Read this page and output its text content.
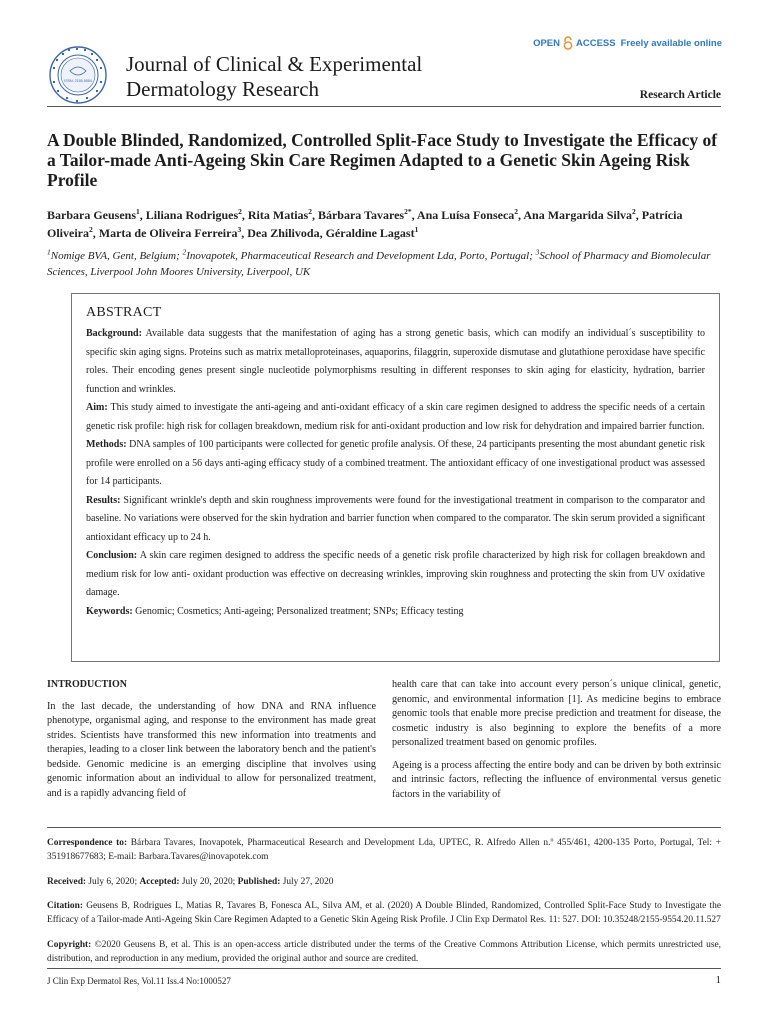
ISSN: 2155-9554
Journal of Clinical & Experimental
Dermatology Research
OPEN ACCESS Freely available online
Research Article
A Double Blinded, Randomized, Controlled Split-Face Study to Investigate the Efficacy of a Tailor-made Anti-Ageing Skin Care Regimen Adapted to a Genetic Skin Ageing Risk Profile
Barbara Geusens$^1$, Liliana Rodrigues$^2$, Rita Matias$^2$, Bárbara Tavares$^{2*}$, Ana Luísa Fonseca$^2$, Ana Margarida Silva$^2$, Patrícia Oliveira$^2$, Marta de Oliveira Ferreira$^3$, Dea Zhilivoda, Géraldine Lagast$^1$
$^1$Nomige BVA, Gent, Belgium; $^2$Inovapotek, Pharmaceutical Research and Development Lda, Porto, Portugal; $^3$School of Pharmacy and Biomolecular Sciences, Liverpool John Moores University, Liverpool, UK
ABSTRACT

Background: Available data suggests that the manifestation of aging has a strong genetic basis, which can modify an individual´s susceptibility to specific skin aging signs. Proteins such as matrix metalloproteinases, aquaporins, filaggrin, superoxide dismutase and glutathione peroxidase have specific roles. Their encoding genes present single nucleotide polymorphisms resulting in different responses to skin aging for elasticity, hydration, barrier function and wrinkles.

Aim: This study aimed to investigate the anti-ageing and anti-oxidant efficacy of a skin care regimen designed to address the specific needs of a certain genetic risk profile: high risk for collagen breakdown, medium risk for anti-oxidant production and low risk for dehydration and impaired barrier function.

Methods: DNA samples of 100 participants were collected for genetic profile analysis. Of these, 24 participants presenting the most abundant genetic risk profile were enrolled on a 56 days anti-aging efficacy study of a combined treatment. The antioxidant efficacy of one investigational product was assessed for 14 participants.

Results: Significant wrinkle's depth and skin roughness improvements were found for the investigational treatment in comparison to the comparator and baseline. No variations were observed for the skin hydration and barrier function when compared to the comparator. The skin serum provided a significant antioxidant efficacy up to 24 h.

Conclusion: A skin care regimen designed to address the specific needs of a genetic risk profile characterized by high risk for collagen breakdown and medium risk for low anti- oxidant production was effective on decreasing wrinkles, improving skin roughness and protecting the skin from UV oxidative damage.

Keywords: Genomic; Cosmetics; Anti-ageing; Personalized treatment; SNPs; Efficacy testing

INTRODUCTION

In the last decade, the understanding of how DNA and RNA influence phenotype, organismal aging, and response to the environment has made great strides. Scientists have transformed this new information into treatments and therapies, leading to a closer link between the laboratory bench and the patient's bedside. Genomic medicine is an emerging discipline that involves using genomic information about an individual to allow for personalized treatment, and is a rapidly advancing field of

health care that can take into account every person´s unique clinical, genetic, genomic, and environmental information [1]. As medicine begins to embrace genomic tools that enable more precise prediction and treatment for disease, the cosmetic industry is also beginning to explore the benefits of a more personalized treatment based on genomic profiles.

Ageing is a process affecting the entire body and can be driven by both extrinsic and intrinsic factors, reflecting the influence of environmental versus genetic factors in the variability of

Correspondence to: Bárbara Tavares, Inovapotek, Pharmaceutical Research and Development Lda, UPTEC, R. Alfredo Allen n.º 455/461, 4200-135 Porto, Portugal, Tel: + 351918677683; E-mail: Barbara.Tavares@inovapotek.com

Received: July 6, 2020; Accepted: July 20, 2020; Published: July 27, 2020

Citation: Geusens B, Rodrigues L, Matias R, Tavares B, Fonesca AL, Silva AM, et al. (2020) A Double Blinded, Randomized, Controlled Split-Face Study to Investigate the Efficacy of a Tailor-made Anti-Ageing Skin Care Regimen Adapted to a Genetic Skin Ageing Risk Profile. J Clin Exp Dermatol Res. 11: 527. DOI: 10.35248/2155-9554.20.11.527

Copyright: ©2020 Geusens B, et al. This is an open-access article distributed under the terms of the Creative Commons Attribution License, which permits unrestricted use, distribution, and reproduction in any medium, provided the original author and source are credited.

J Clin Exp Dermatol Res, Vol.11 Iss.4 No:1000527	1
